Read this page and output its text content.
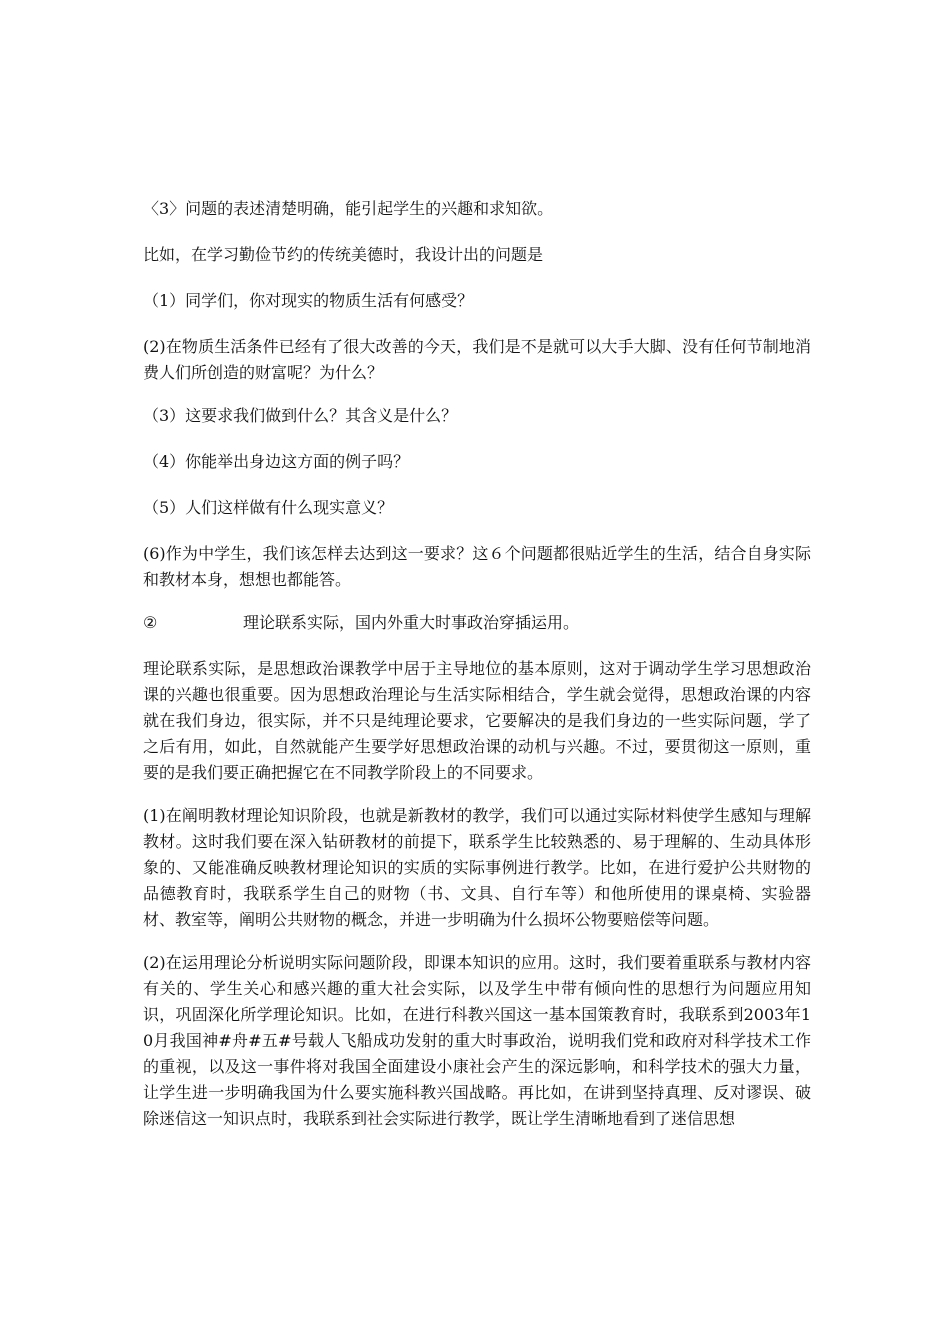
〈3〉问题的表述清楚明确，能引起学生的兴趣和求知欲。

比如，在学习勤俭节约的传统美德时，我设计出的问题是

（1）同学们，你对现实的物质生活有何感受？

(2)在物质生活条件已经有了很大改善的今天，我们是不是就可以大手大脚、没有任何节制地消费人们所创造的财富呢？为什么？

（3）这要求我们做到什么？其含义是什么？

（4）你能举出身边这方面的例子吗？

（5）人们这样做有什么现实意义？

(6)作为中学生，我们该怎样去达到这一要求？这６个问题都很贴近学生的生活，结合自身实际和教材本身，想想也都能答。

②	理论联系实际，国内外重大时事政治穿插运用。

理论联系实际，是思想政治课教学中居于主导地位的基本原则，这对于调动学生学习思想政治课的兴趣也很重要。因为思想政治理论与生活实际相结合，学生就会觉得，思想政治课的内容就在我们身边，很实际，并不只是纯理论要求，它要解决的是我们身边的一些实际问题，学了之后有用，如此，自然就能产生要学好思想政治课的动机与兴趣。不过，要贯彻这一原则，重要的是我们要正确把握它在不同教学阶段上的不同要求。

(1)在阐明教材理论知识阶段，也就是新教材的教学，我们可以通过实际材料使学生感知与理解教材。这时我们要在深入钻研教材的前提下，联系学生比较熟悉的、易于理解的、生动具体形象的、又能准确反映教材理论知识的实质的实际事例进行教学。比如，在进行爱护公共财物的品德教育时，我联系学生自己的财物（书、文具、自行车等）和他所使用的课桌椅、实验器材、教室等，阐明公共财物的概念，并进一步明确为什么损坏公物要赔偿等问题。

(2)在运用理论分析说明实际问题阶段，即课本知识的应用。这时，我们要着重联系与教材内容有关的、学生关心和感兴趣的重大社会实际，以及学生中带有倾向性的思想行为问题应用知识，巩固深化所学理论知识。比如，在进行科教兴国这一基本国策教育时，我联系到2003年10月我国神#舟#五#号载人飞船成功发射的重大时事政治，说明我们党和政府对科学技术工作的重视，以及这一事件将对我国全面建设小康社会产生的深远影响，和科学技术的强大力量，让学生进一步明确我国为什么要实施科教兴国战略。再比如，在讲到坚持真理、反对谬误、破除迷信这一知识点时，我联系到社会实际进行教学，既让学生清晰地看到了迷信思想
